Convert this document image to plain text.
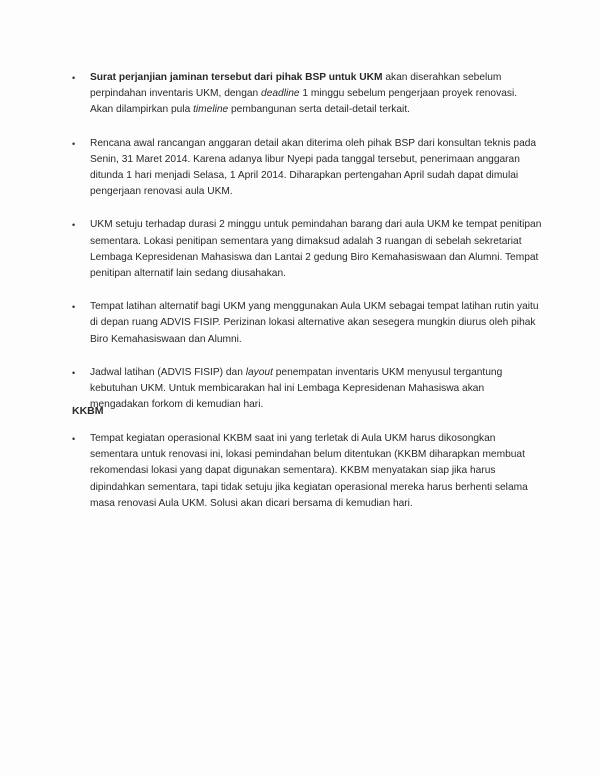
• Surat perjanjian jaminan tersebut dari pihak BSP untuk UKM akan diserahkan sebelum perpindahan inventaris UKM, dengan deadline 1 minggu sebelum pengerjaan proyek renovasi. Akan dilampirkan pula timeline pembangunan serta detail-detail terkait.
• Rencana awal rancangan anggaran detail akan diterima oleh pihak BSP dari konsultan teknis pada Senin, 31 Maret 2014. Karena adanya libur Nyepi pada tanggal tersebut, penerimaan anggaran ditunda 1 hari menjadi Selasa, 1 April 2014. Diharapkan pertengahan April sudah dapat dimulai pengerjaan renovasi aula UKM.
• UKM setuju terhadap durasi 2 minggu untuk pemindahan barang dari aula UKM ke tempat penitipan sementara. Lokasi penitipan sementara yang dimaksud adalah 3 ruangan di sebelah sekretariat Lembaga Kepresidenan Mahasiswa dan Lantai 2 gedung Biro Kemahasiswaan dan Alumni. Tempat penitipan alternatif lain sedang diusahakan.
• Tempat latihan alternatif bagi UKM yang menggunakan Aula UKM sebagai tempat latihan rutin yaitu di depan ruang ADVIS FISIP. Perizinan lokasi alternative akan sesegera mungkin diurus oleh pihak Biro Kemahasiswaan dan Alumni.
• Jadwal latihan (ADVIS FISIP) dan layout penempatan inventaris UKM menyusul tergantung kebutuhan UKM. Untuk membicarakan hal ini Lembaga Kepresidenan Mahasiswa akan mengadakan forkom di kemudian hari.

KKBM

• Tempat kegiatan operasional KKBM saat ini yang terletak di Aula UKM harus dikosongkan sementara untuk renovasi ini, lokasi pemindahan belum ditentukan (KKBM diharapkan membuat rekomendasi lokasi yang dapat digunakan sementara). KKBM menyatakan siap jika harus dipindahkan sementara, tapi tidak setuju jika kegiatan operasional mereka harus berhenti selama masa renovasi Aula UKM. Solusi akan dicari bersama di kemudian hari.
